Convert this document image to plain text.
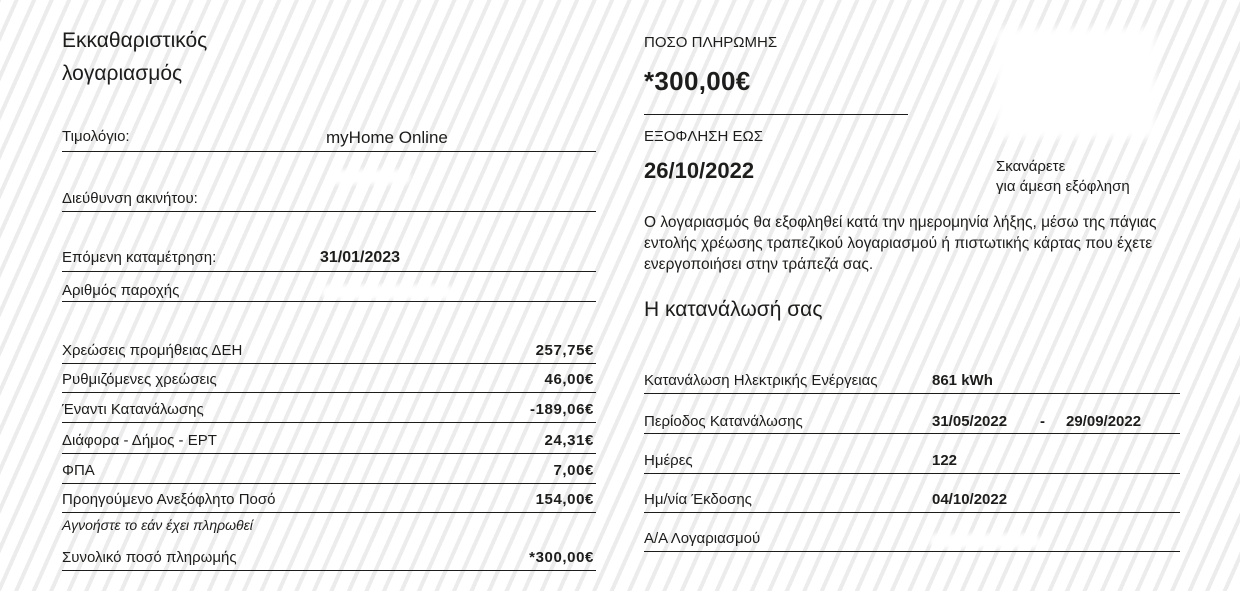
Εκκαθαριστικός λογαριασμός
Τιμολόγιο:	myHome Online
Διεύθυνση ακινήτου:
Επόμενη καταμέτρηση:	31/01/2023
Αριθμός παροχής
Χρεώσεις προμήθειας ΔΕΗ	257,75€
Ρυθμιζόμενες χρεώσεις	46,00€
Έναντι Κατανάλωσης	-189,06€
Διάφορα - Δήμος - ΕΡΤ	24,31€
ΦΠΑ	7,00€
Προηγούμενο Ανεξόφλητο Ποσό	154,00€
Αγνοήστε το εάν έχει πληρωθεί
Συνολικό ποσό πληρωμής	*300,00€
ΠΟΣΟ ΠΛΗΡΩΜΗΣ
*300,00€
ΕΞΟΦΛΗΣΗ ΕΩΣ
26/10/2022	Σκανάρετε
για άμεση εξόφληση
Ο λογαριασμός θα εξοφληθεί κατά την ημερομηνία λήξης, μέσω της πάγιας εντολής χρέωσης τραπεζικού λογαριασμού ή πιστωτικής κάρτας που έχετε ενεργοποιήσει στην τράπεζά σας.
Η κατανάλωσή σας
Κατανάλωση Ηλεκτρικής Ενέργειας	861 kWh
Περίοδος Κατανάλωσης	31/05/2022 - 29/09/2022
Ημέρες	122
Ημ/νία Έκδοσης	04/10/2022
Α/Α Λογαριασμού
